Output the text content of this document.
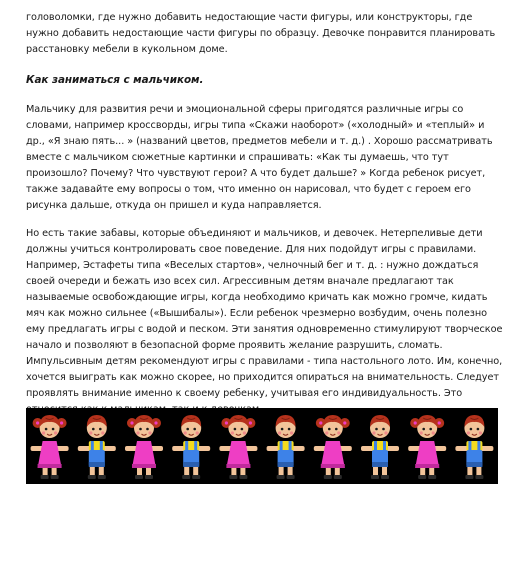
головоломки, где нужно добавить недостающие части фигуры, или конструкторы, где нужно добавить недостающие части фигуры по образцу. Девочке понравится планировать расстановку мебели в кукольном доме.

Как заниматься с мальчиком.

Мальчику для развития речи и эмоциональной сферы пригодятся различные игры со словами, например кроссворды, игры типа «Скажи наоборот» («холодный» и «теплый» и др., «Я знаю пять... » (названий цветов, предметов мебели и т. д.) . Хорошо рассматривать вместе с мальчиком сюжетные картинки и спрашивать: «Как ты думаешь, что тут произошло? Почему? Что чувствуют герои? А что будет дальше? » Когда ребенок рисует, также задавайте ему вопросы о том, что именно он нарисовал, что будет с героем его рисунка дальше, откуда он пришел и куда направляется.

Но есть такие забавы, которые объединяют и мальчиков, и девочек. Нетерпеливые дети должны учиться контролировать свое поведение. Для них подойдут игры с правилами. Например, Эстафеты типа «Веселых стартов», челночный бег и т. д. : нужно дождаться своей очереди и бежать изо всех сил. Агрессивным детям вначале предлагают так называемые освобождающие игры, когда необходимо кричать как можно громче, кидать мяч как можно сильнее («Вышибалы»). Если ребенок чрезмерно возбудим, очень полезно ему предлагать игры с водой и песком. Эти занятия одновременно стимулируют творческое начало и позволяют в безопасной форме проявить желание разрушить, сломать. Импульсивным детям рекомендуют игры с правилами - типа настольного лото. Им, конечно, хочется выиграть как можно скорее, но приходится опираться на внимательность. Следует проявлять внимание именно к своему ребенку, учитывая его индивидуальность. Это
